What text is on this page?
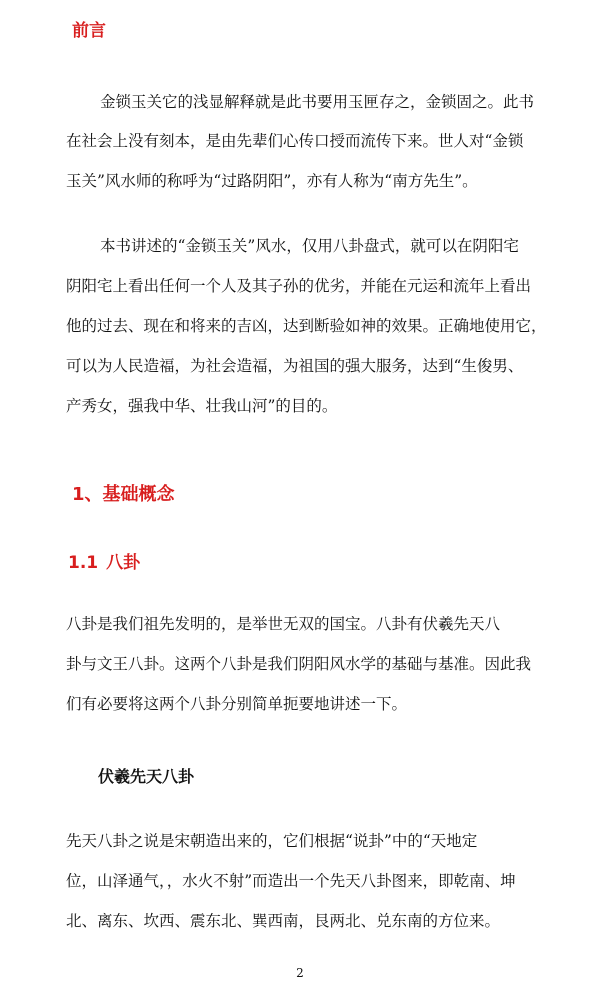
前言
金锁玉关它的浅显解释就是此书要用玉匣存之，金锁固之。此书
在社会上没有刻本，是由先辈们心传口授而流传下来。世人对“金锁
玉关”风水师的称呼为“过路阴阳”，亦有人称为“南方先生”。
本书讲述的“金锁玉关”风水，仅用八卦盘式，就可以在阴阳宅
阴阳宅上看出任何一个人及其子孙的优劣，并能在元运和流年上看出
他的过去、现在和将来的吉凶，达到断验如神的效果。正确地使用它，
可以为人民造福，为社会造福，为祖国的强大服务，达到“生俊男、
产秀女，强我中华、壮我山河”的目的。
1、基础概念
1.1 八卦
八卦是我们祖先发明的，是举世无双的国宝。八卦有伏羲先天八
卦与文王八卦。这两个八卦是我们阴阳风水学的基础与基准。因此我
们有必要将这两个八卦分别简单扼要地讲述一下。
伏羲先天八卦
先天八卦之说是宋朝造出来的，它们根据“说卦”中的“天地定
位，山泽通气，，水火不射”而造出一个先天八卦图来，即乾南、坤
北、离东、坎西、震东北、巽西南，艮两北、兑东南的方位来。
2
